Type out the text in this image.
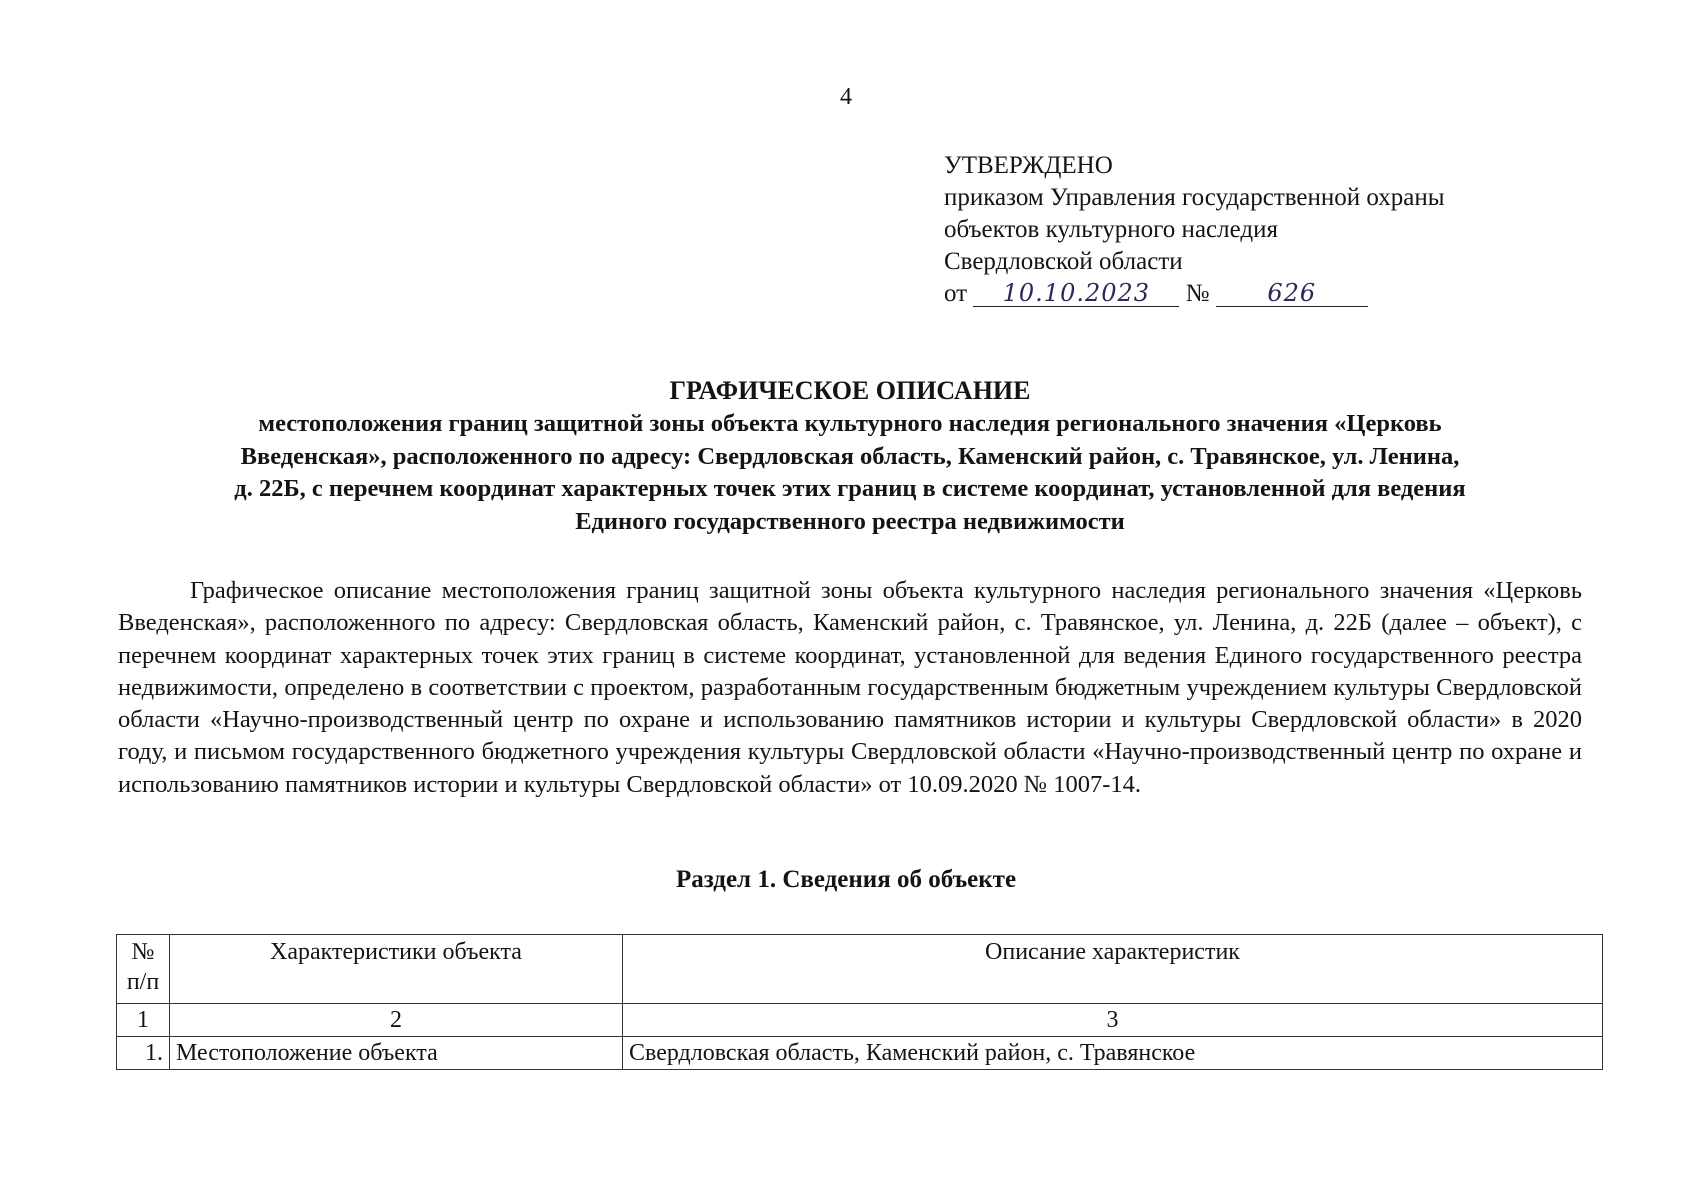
4
УТВЕРЖДЕНО
приказом Управления государственной охраны
объектов культурного наследия
Свердловской области
от 10.10.2023 № 626
ГРАФИЧЕСКОЕ ОПИСАНИЕ
местоположения границ защитной зоны объекта культурного наследия регионального значения «Церковь
Введенская», расположенного по адресу: Свердловская область, Каменский район, с. Травянское, ул. Ленина,
д. 22Б, с перечнем координат характерных точек этих границ в системе координат, установленной для ведения
Единого государственного реестра недвижимости

Графическое описание местоположения границ защитной зоны объекта культурного наследия регионального значения «Церковь Введенская», расположенного по адресу: Свердловская область, Каменский район, с. Травянское, ул. Ленина, д. 22Б (далее – объект), с перечнем координат характерных точек этих границ в системе координат, установленной для ведения Единого государственного реестра недвижимости, определено в соответствии с проектом, разработанным государственным бюджетным учреждением культуры Свердловской области «Научно-производственный центр по охране и использованию памятников истории и культуры Свердловской области» в 2020 году, и письмом государственного бюджетного учреждения культуры Свердловской области «Научно-производственный центр по охране и использованию памятников истории и культуры Свердловской области» от 10.09.2020 № 1007-14.

Раздел 1. Сведения об объекте
№
п/п	Характеристики объекта	Описание характеристик
1	2	3
1.	Местоположение объекта	Свердловская область, Каменский район, с. Травянское
